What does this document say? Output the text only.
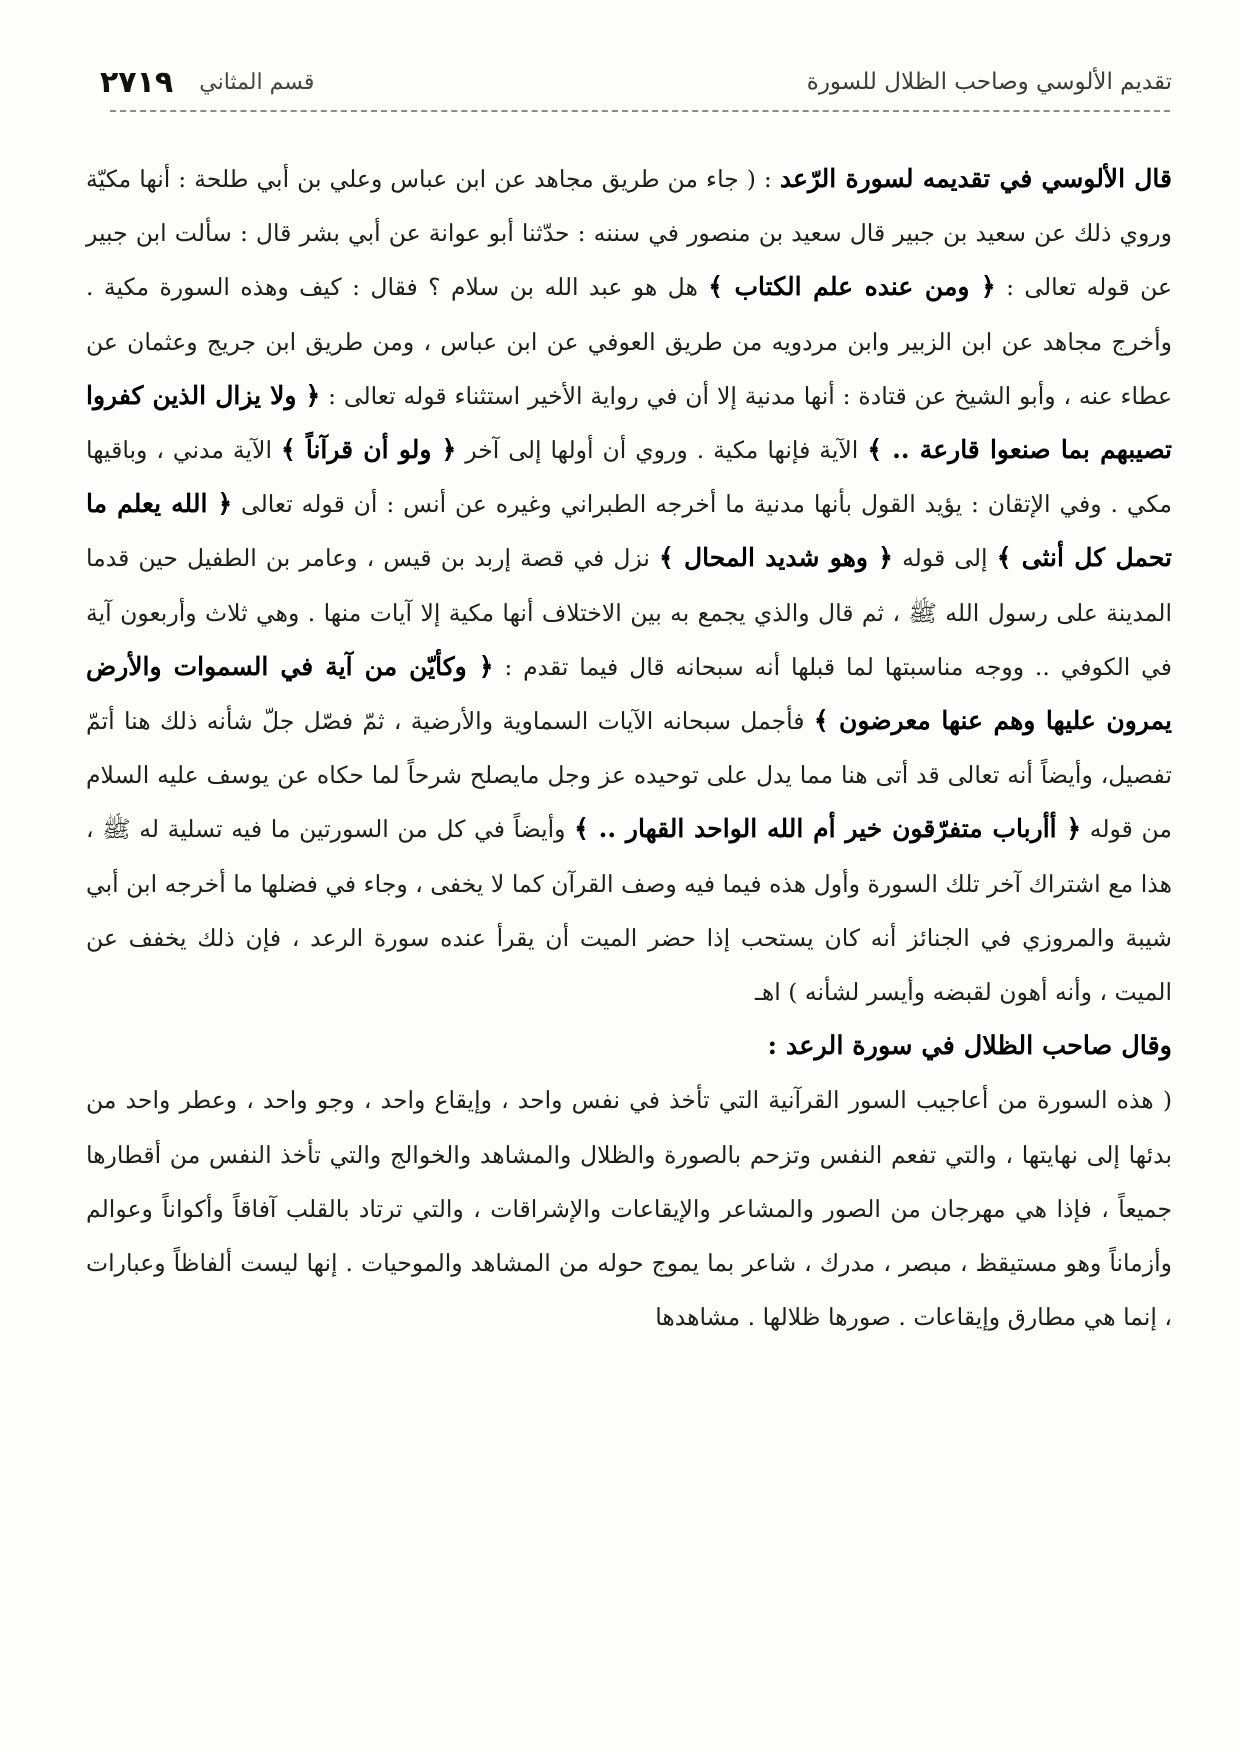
تقديم الألوسي وصاحب الظلال للسورة
قسم المثاني
٢٧١٩

قال الألوسي في تقديمه لسورة الرّعد : ( جاء من طريق مجاهد عن ابن عباس وعلي بن أبي طلحة : أنها مكيّة وروي ذلك عن سعيد بن جبير قال سعيد بن منصور في سننه : حدّثنا أبو عوانة عن أبي بشر قال : سألت ابن جبير عن قوله تعالى : ﴿ ومن عنده علم الكتاب ﴾ هل هو عبد الله بن سلام ؟ فقال : كيف وهذه السورة مكية . وأخرج مجاهد عن ابن الزبير وابن مردويه من طريق العوفي عن ابن عباس ، ومن طريق ابن جريج وعثمان عن عطاء عنه ، وأبو الشيخ عن قتادة : أنها مدنية إلا أن في رواية الأخير استثناء قوله تعالى : ﴿ ولا يزال الذين كفروا تصيبهم بما صنعوا قارعة .. ﴾ الآية فإنها مكية . وروي أن أولها إلى آخر ﴿ ولو أن قرآناً ﴾ الآية مدني ، وباقيها مكي . وفي الإتقان : يؤيد القول بأنها مدنية ما أخرجه الطبراني وغيره عن أنس : أن قوله تعالى ﴿ الله يعلم ما تحمل كل أنثى ﴾ إلى قوله ﴿ وهو شديد المحال ﴾ نزل في قصة إربد بن قيس ، وعامر بن الطفيل حين قدما المدينة على رسول الله ﷺ ، ثم قال والذي يجمع به بين الاختلاف أنها مكية إلا آيات منها . وهي ثلاث وأربعون آية في الكوفي .. ووجه مناسبتها لما قبلها أنه سبحانه قال فيما تقدم : ﴿ وكأيّن من آية في السموات والأرض يمرون عليها وهم عنها معرضون ﴾ فأجمل سبحانه الآيات السماوية والأرضية ، ثمّ فصّل جلّ شأنه ذلك هنا أتمّ تفصيل، وأيضاً أنه تعالى قد أتى هنا مما يدل على توحيده عز وجل مايصلح شرحاً لما حكاه عن يوسف عليه السلام من قوله ﴿ أأرباب متفرّقون خير أم الله الواحد القهار .. ﴾ وأيضاً في كل من السورتين ما فيه تسلية له ﷺ ، هذا مع اشتراك آخر تلك السورة وأول هذه فيما فيه وصف القرآن كما لا يخفى ، وجاء في فضلها ما أخرجه ابن أبي شيبة والمروزي في الجنائز أنه كان يستحب إذا حضر الميت أن يقرأ عنده سورة الرعد ، فإن ذلك يخفف عن الميت ، وأنه أهون لقبضه وأيسر لشأنه ) اهـ

وقال صاحب الظلال في سورة الرعد :

( هذه السورة من أعاجيب السور القرآنية التي تأخذ في نفس واحد ، وإيقاع واحد ، وجو واحد ، وعطر واحد من بدئها إلى نهايتها ، والتي تفعم النفس وتزحم بالصورة والظلال والمشاهد والخوالج والتي تأخذ النفس من أقطارها جميعاً ، فإذا هي مهرجان من الصور والمشاعر والإيقاعات والإشراقات ، والتي ترتاد بالقلب آفاقاً وأكواناً وعوالم وأزماناً وهو مستيقظ ، مبصر ، مدرك ، شاعر بما يموج حوله من المشاهد والموحيات . إنها ليست ألفاظاً وعبارات ، إنما هي مطارق وإيقاعات . صورها ظلالها . مشاهدها
